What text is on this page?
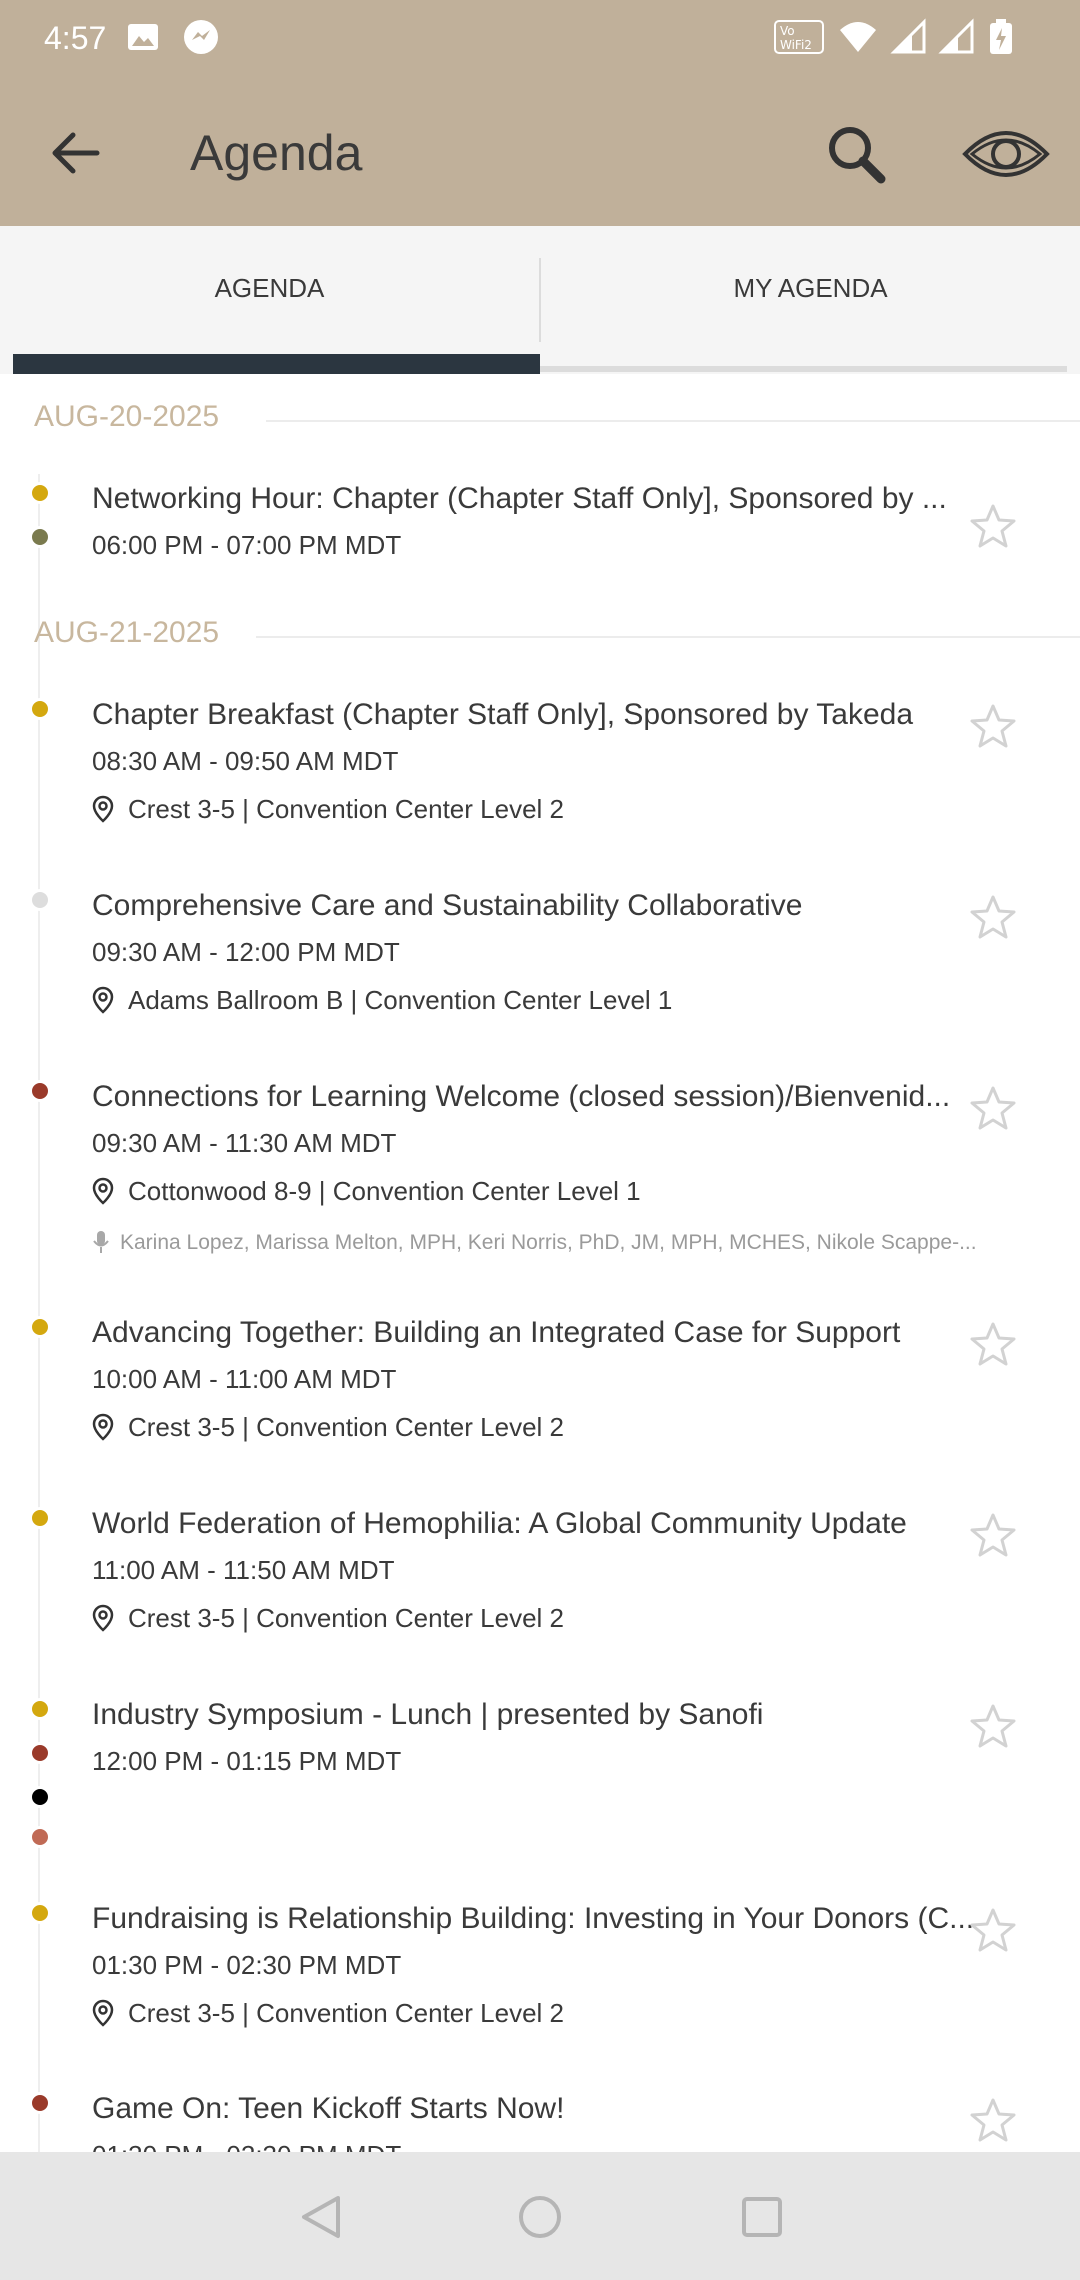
4:57	Vo
WiFi2
Agenda
AGENDA	MY AGENDA
AUG-20-2025
Networking Hour: Chapter (Chapter Staff Only], Sponsored by ...
06:00 PM - 07:00 PM MDT
AUG-21-2025
Chapter Breakfast (Chapter Staff Only], Sponsored by Takeda
08:30 AM - 09:50 AM MDT
Crest 3-5 | Convention Center Level 2
Comprehensive Care and Sustainability Collaborative
09:30 AM - 12:00 PM MDT
Adams Ballroom B | Convention Center Level 1
Connections for Learning Welcome (closed session)/Bienvenid...
09:30 AM - 11:30 AM MDT
Cottonwood 8-9 | Convention Center Level 1
Karina Lopez, Marissa Melton, MPH, Keri Norris, PhD, JM, MPH, MCHES, Nikole Scappe-...
Advancing Together: Building an Integrated Case for Support
10:00 AM - 11:00 AM MDT
Crest 3-5 | Convention Center Level 2
World Federation of Hemophilia: A Global Community Update
11:00 AM - 11:50 AM MDT
Crest 3-5 | Convention Center Level 2
Industry Symposium - Lunch | presented by Sanofi
12:00 PM - 01:15 PM MDT
Fundraising is Relationship Building: Investing in Your Donors (C...
01:30 PM - 02:30 PM MDT
Crest 3-5 | Convention Center Level 2
Game On: Teen Kickoff Starts Now!
